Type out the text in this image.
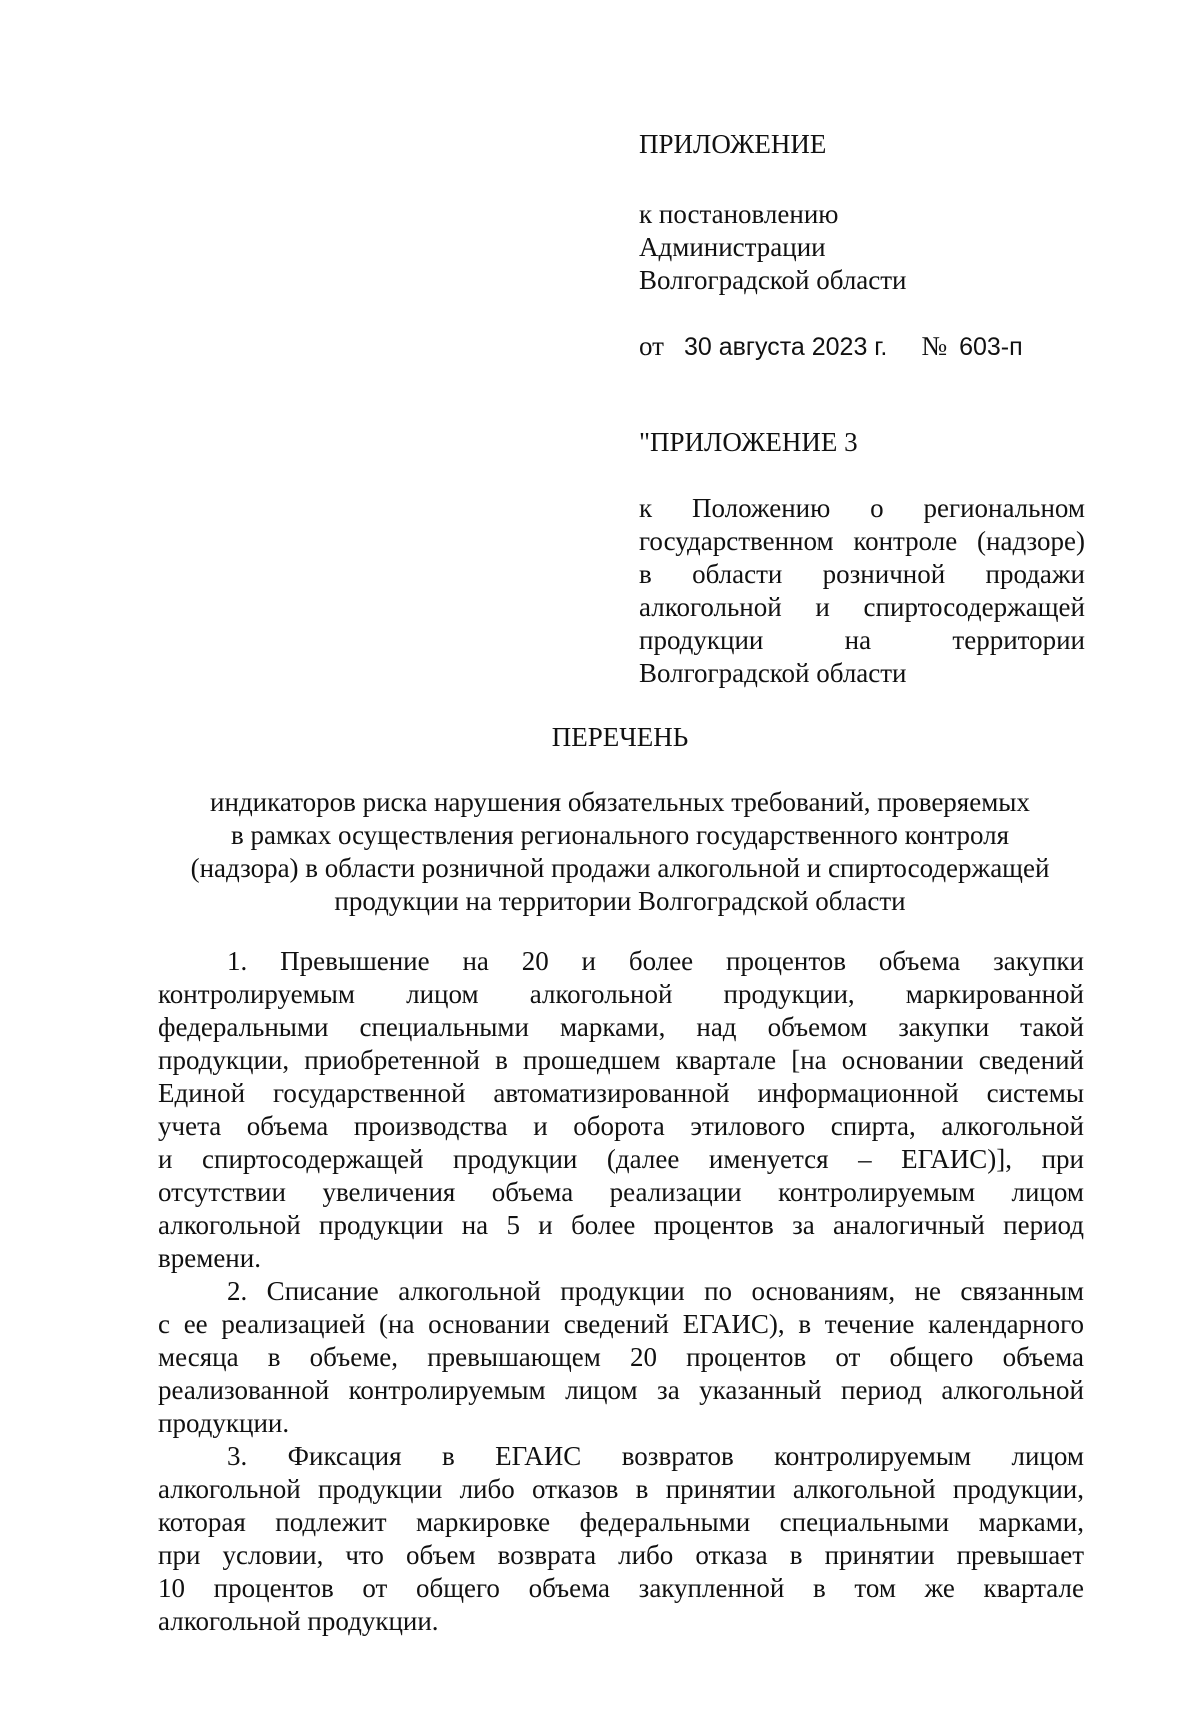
ПРИЛОЖЕНИЕ
к постановлению
Администрации
Волгоградской области
от 30 августа 2023 г. № 603-п
"ПРИЛОЖЕНИЕ 3
к Положению о региональном
государственном контроле (надзоре)
в области розничной продажи
алкогольной и спиртосодержащей
продукции на территории
Волгоградской области
ПЕРЕЧЕНЬ
индикаторов риска нарушения обязательных требований, проверяемых
в рамках осуществления регионального государственного контроля
(надзора) в области розничной продажи алкогольной и спиртосодержащей
продукции на территории Волгоградской области
1. Превышение на 20 и более процентов объема закупки
контролируемым лицом алкогольной продукции, маркированной
федеральными специальными марками, над объемом закупки такой
продукции, приобретенной в прошедшем квартале [на основании сведений
Единой государственной автоматизированной информационной системы
учета объема производства и оборота этилового спирта, алкогольной
и спиртосодержащей продукции (далее именуется – ЕГАИС)], при
отсутствии увеличения объема реализации контролируемым лицом
алкогольной продукции на 5 и более процентов за аналогичный период
времени.
2. Списание алкогольной продукции по основаниям, не связанным
с ее реализацией (на основании сведений ЕГАИС), в течение календарного
месяца в объеме, превышающем 20 процентов от общего объема
реализованной контролируемым лицом за указанный период алкогольной
продукции.
3. Фиксация в ЕГАИС возвратов контролируемым лицом
алкогольной продукции либо отказов в принятии алкогольной продукции,
которая подлежит маркировке федеральными специальными марками,
при условии, что объем возврата либо отказа в принятии превышает
10 процентов от общего объема закупленной в том же квартале
алкогольной продукции.
